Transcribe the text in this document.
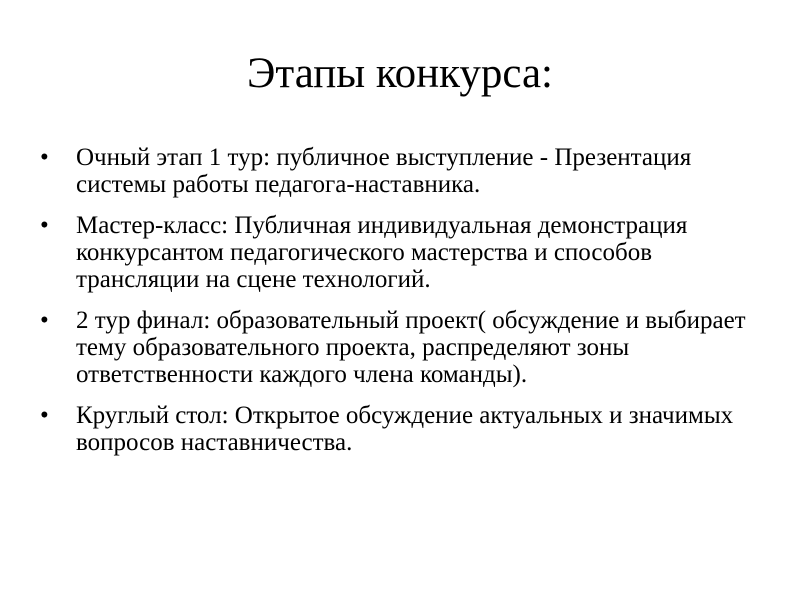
Этапы конкурса:
•	Очный этап 1 тур: публичное выступление - Презентация системы работы педагога-наставника.
•	Мастер-класс: Публичная индивидуальная демонстрация конкурсантом педагогического мастерства и способов трансляции на сцене технологий.
•	2 тур финал: образовательный проект( обсуждение и выбирает тему образовательного проекта, распределяют зоны ответственности каждого члена команды).
•	Круглый стол: Открытое обсуждение актуальных и значимых вопросов наставничества.
